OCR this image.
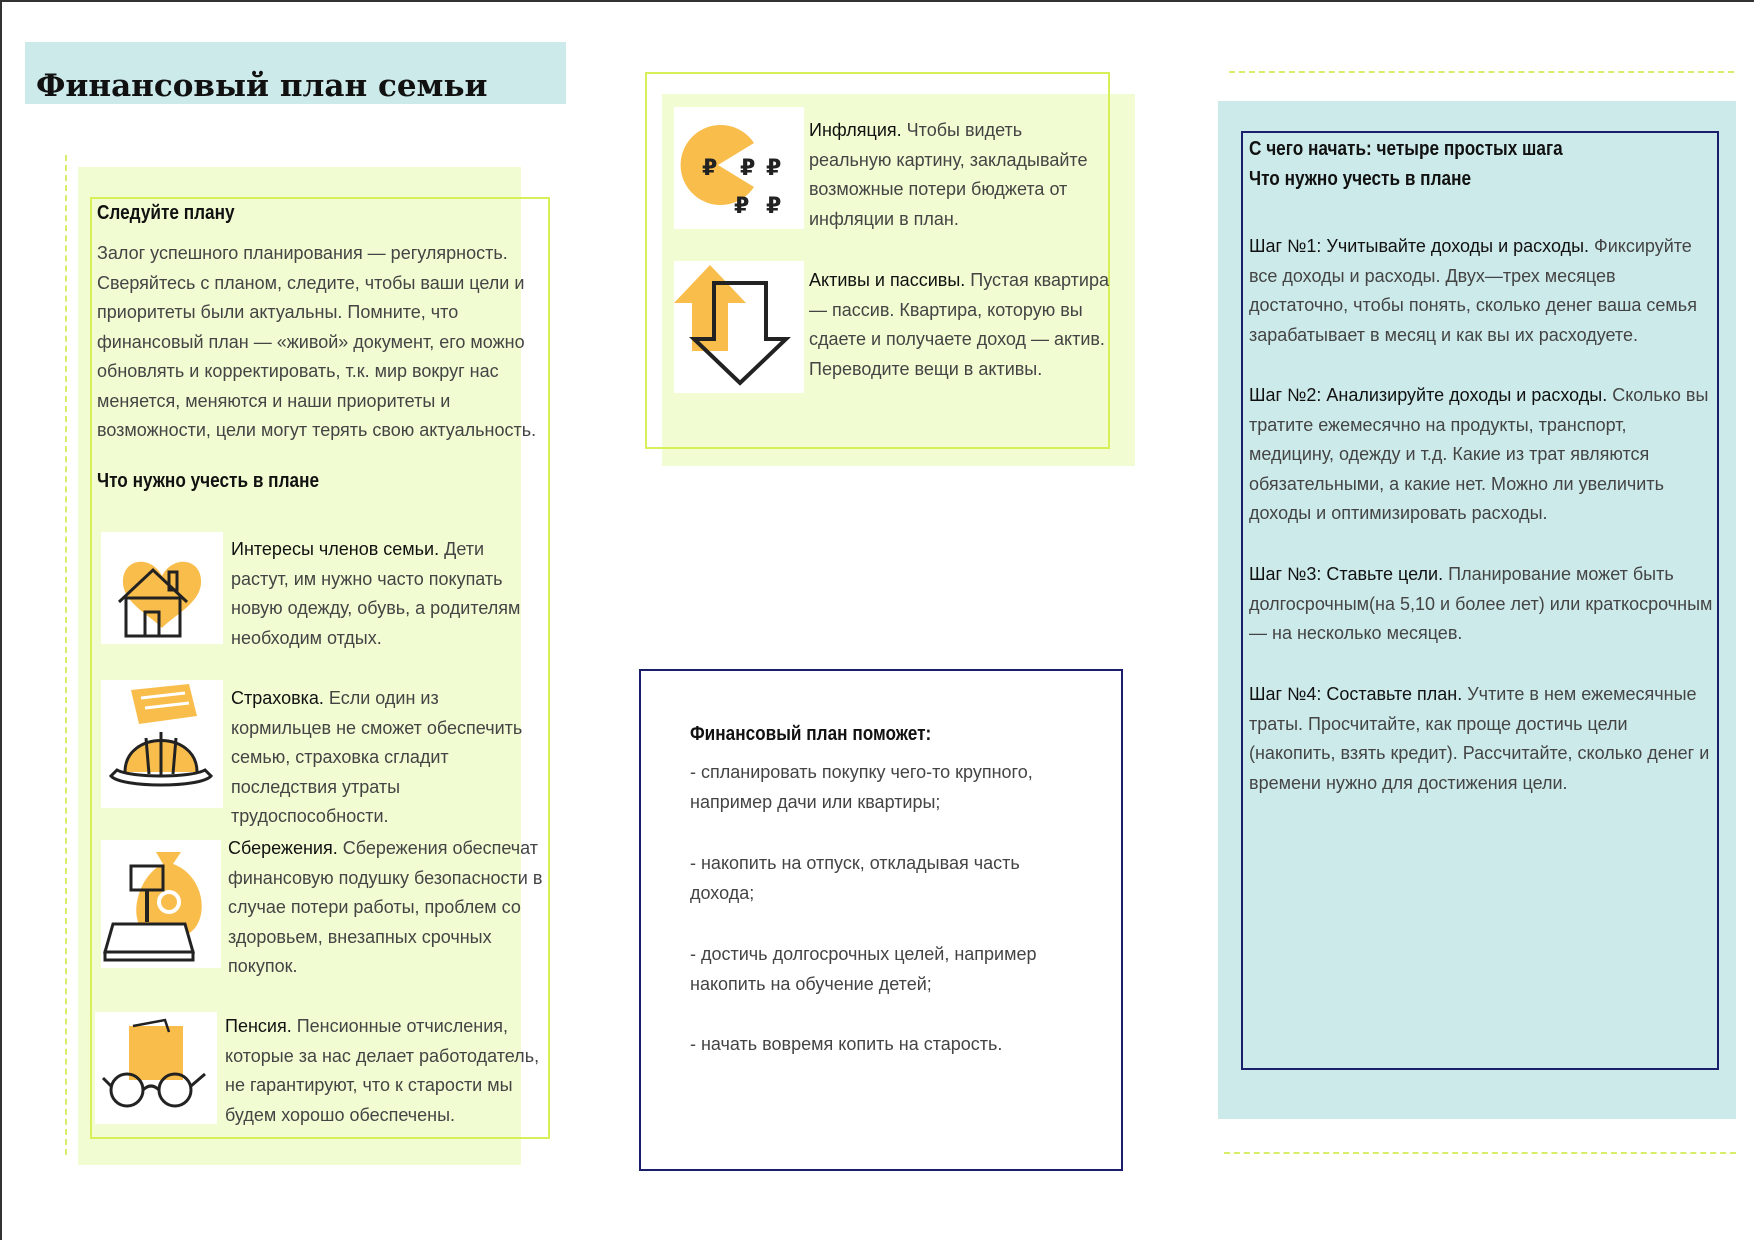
Финансовый план семьи
Следуйте плану
Залог успешного планирования — регулярность. Сверяйтесь с планом, следите, чтобы ваши цели и приоритеты были актуальны. Помните, что финансовый план — «живой» документ, его можно обновлять и корректировать, т.к. мир вокруг нас меняется, меняются и наши приоритеты и возможности, цели могут терять свою актуальность.
Что нужно учесть в плане
Интересы членов семьи. Дети растут, им нужно часто покупать новую одежду, обувь, а родителям необходим отдых.
Страховка. Если один из кормильцев не сможет обеспечить семью, страховка сгладит последствия утраты трудоспособности.
Сбережения. Сбережения обеспечат финансовую подушку безопасности в случае потери работы, проблем со здоровьем, внезапных срочных покупок.
Пенсия. Пенсионные отчисления, которые за нас делает работодатель, не гарантируют, что к старости мы будем хорошо обеспечены.
₽ ₽ ₽
₽ ₽
Инфляция. Чтобы видеть реальную картину, закладывайте возможные потери бюджета от инфляции в план.
Активы и пассивы. Пустая квартира — пассив. Квартира, которую вы сдаете и получаете доход — актив. Переводите вещи в активы.
Финансовый план поможет:
- спланировать покупку чего-то крупного, например дачи или квартиры;
- накопить на отпуск, откладывая часть дохода;
- достичь долгосрочных целей, например накопить на обучение детей;
- начать вовремя копить на старость.
С чего начать: четыре простых шага
Что нужно учесть в плане
Шаг №1: Учитывайте доходы и расходы. Фиксируйте все доходы и расходы. Двух—трех месяцев достаточно, чтобы понять, сколько денег ваша семья зарабатывает в месяц и как вы их расходуете.
Шаг №2: Анализируйте доходы и расходы. Сколько вы тратите ежемесячно на продукты, транспорт, медицину, одежду и т.д. Какие из трат являются обязательными, а какие нет. Можно ли увеличить доходы и оптимизировать расходы.
Шаг №3: Ставьте цели. Планирование может быть долгосрочным(на 5,10 и более лет) или краткосрочным — на несколько месяцев.
Шаг №4: Составьте план. Учтите в нем ежемесячные траты. Просчитайте, как проще достичь цели (накопить, взять кредит). Рассчитайте, сколько денег и времени нужно для достижения цели.
